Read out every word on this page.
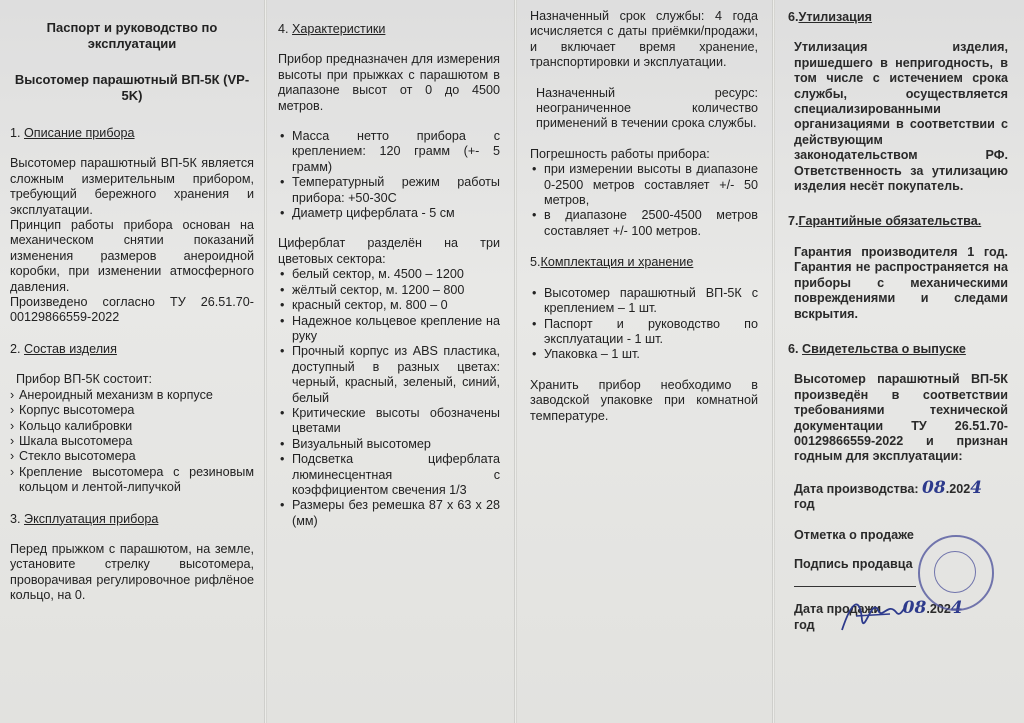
Паспорт и руководство по эксплуатации

Высотомер парашютный ВП-5К (VP-5K)

1. Описание прибора

Высотомер парашютный ВП-5К является сложным измерительным прибором, требующий бережного хранения и эксплуатации.

Принцип работы прибора основан на механическом снятии показаний изменения размеров анероидной коробки, при изменении атмосферного давления.

Произведено согласно ТУ 26.51.70-00129866559-2022

2. Состав изделия

Прибор ВП-5К состоит:

› Анероидный механизм в корпусе
› Корпус высотомера
› Кольцо калибровки
› Шкала высотомера
› Стекло высотомера
› Крепление высотомера с резиновым кольцом и лентой-липучкой

3. Эксплуатация прибора

Перед прыжком с парашютом, на земле, установите стрелку высотомера, проворачивая регулировочное рифлёное кольцо, на 0.

4. Характеристики

Прибор предназначен для измерения высоты при прыжках с парашютом в диапазоне высот от 0 до 4500 метров.

• Масса нетто прибора с креплением: 120 грамм (+- 5 грамм)
• Температурный режим работы прибора: +50-30С
• Диаметр циферблата - 5 см

Циферблат разделён на три цветовых сектора:

• белый сектор, м. 4500 – 1200
• жёлтый сектор, м. 1200 – 800
• красный сектор, м. 800 – 0
• Надежное кольцевое крепление на руку
• Прочный корпус из ABS пластика, доступный в разных цветах: черный, красный, зеленый, синий, белый
• Критические высоты обозначены цветами
• Визуальный высотомер
• Подсветка циферблата люминесцентная с коэффициентом свечения 1/3
• Размеры без ремешка 87 х 63 х 28 (мм)

Назначенный срок службы: 4 года исчисляется с даты приёмки/продажи, и включает время хранение, транспортировки и эксплуатации.

Назначенный ресурс: неограниченное количество применений в течении срока службы.

Погрешность работы прибора:

• при измерении высоты в диапазоне 0-2500 метров составляет +/- 50 метров,
• в диапазоне 2500-4500 метров составляет +/- 100 метров.

5.Комплектация и хранение

• Высотомер парашютный ВП-5К с креплением – 1 шт.
• Паспорт и руководство по эксплуатации - 1 шт.
• Упаковка – 1 шт.

Хранить прибор необходимо в заводской упаковке при комнатной температуре.

6.Утилизация

Утилизация изделия, пришедшего в непригодность, в том числе с истечением срока службы, осуществляется специализированными организациями в соответствии с действующим законодательством РФ. Ответственность за утилизацию изделия несёт покупатель.

7.Гарантийные обязательства.

Гарантия производителя 1 год. Гарантия не распространяется на приборы с механическими повреждениями и следами вскрытия.

6. Свидетельства о выпуске

Высотомер парашютный ВП-5К произведён в соответствии требованиями технической документации ТУ 26.51.70-00129866559-2022 и признан годным для эксплуатации:

Дата производства: 08.2024

год

Отметка о продаже

Подпись продавца

Дата продажи 08.2024

год
